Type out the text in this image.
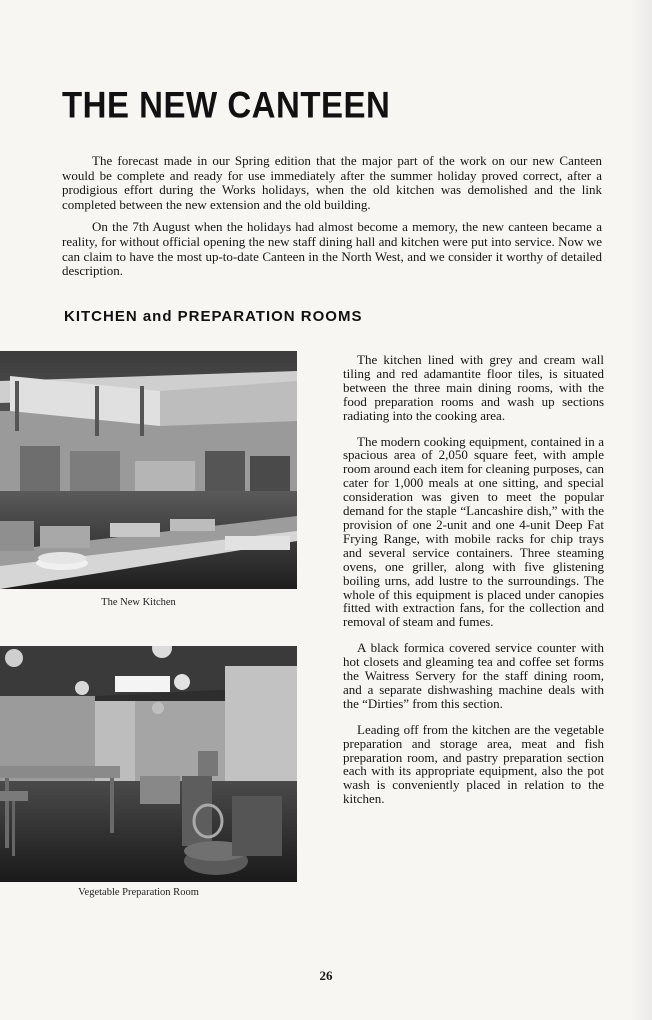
THE NEW CANTEEN

The forecast made in our Spring edition that the major part of the work on our new Canteen would be complete and ready for use immediately after the summer holiday proved correct, after a prodigious effort during the Works holidays, when the old kitchen was demolished and the link completed between the new extension and the old building.

On the 7th August when the holidays had almost become a memory, the new canteen became a reality, for without official opening the new staff dining hall and kitchen were put into service. Now we can claim to have the most up-to-date Canteen in the North West, and we consider it worthy of detailed description.

KITCHEN and PREPARATION ROOMS
The New Kitchen
Vegetable Preparation Room

The kitchen lined with grey and cream wall tiling and red adamantite floor tiles, is situated between the three main dining rooms, with the food preparation rooms and wash up sections radiating into the cooking area.

The modern cooking equipment, contained in a spacious area of 2,050 square feet, with ample room around each item for cleaning purposes, can cater for 1,000 meals at one sitting, and special consideration was given to meet the popular demand for the staple “Lancashire dish,” with the provision of one 2-unit and one 4-unit Deep Fat Frying Range, with mobile racks for chip trays and several service containers. Three steaming ovens, one griller, along with five glistening boiling urns, add lustre to the surroundings. The whole of this equipment is placed under canopies fitted with extraction fans, for the collection and removal of steam and fumes.

A black formica covered service counter with hot closets and gleaming tea and coffee set forms the Waitress Servery for the staff dining room, and a separate dishwashing machine deals with the “Dirties” from this section.

Leading off from the kitchen are the vegetable preparation and storage area, meat and fish preparation room, and pastry preparation section each with its appropriate equipment, also the pot wash is conveniently placed in relation to the kitchen.

26
